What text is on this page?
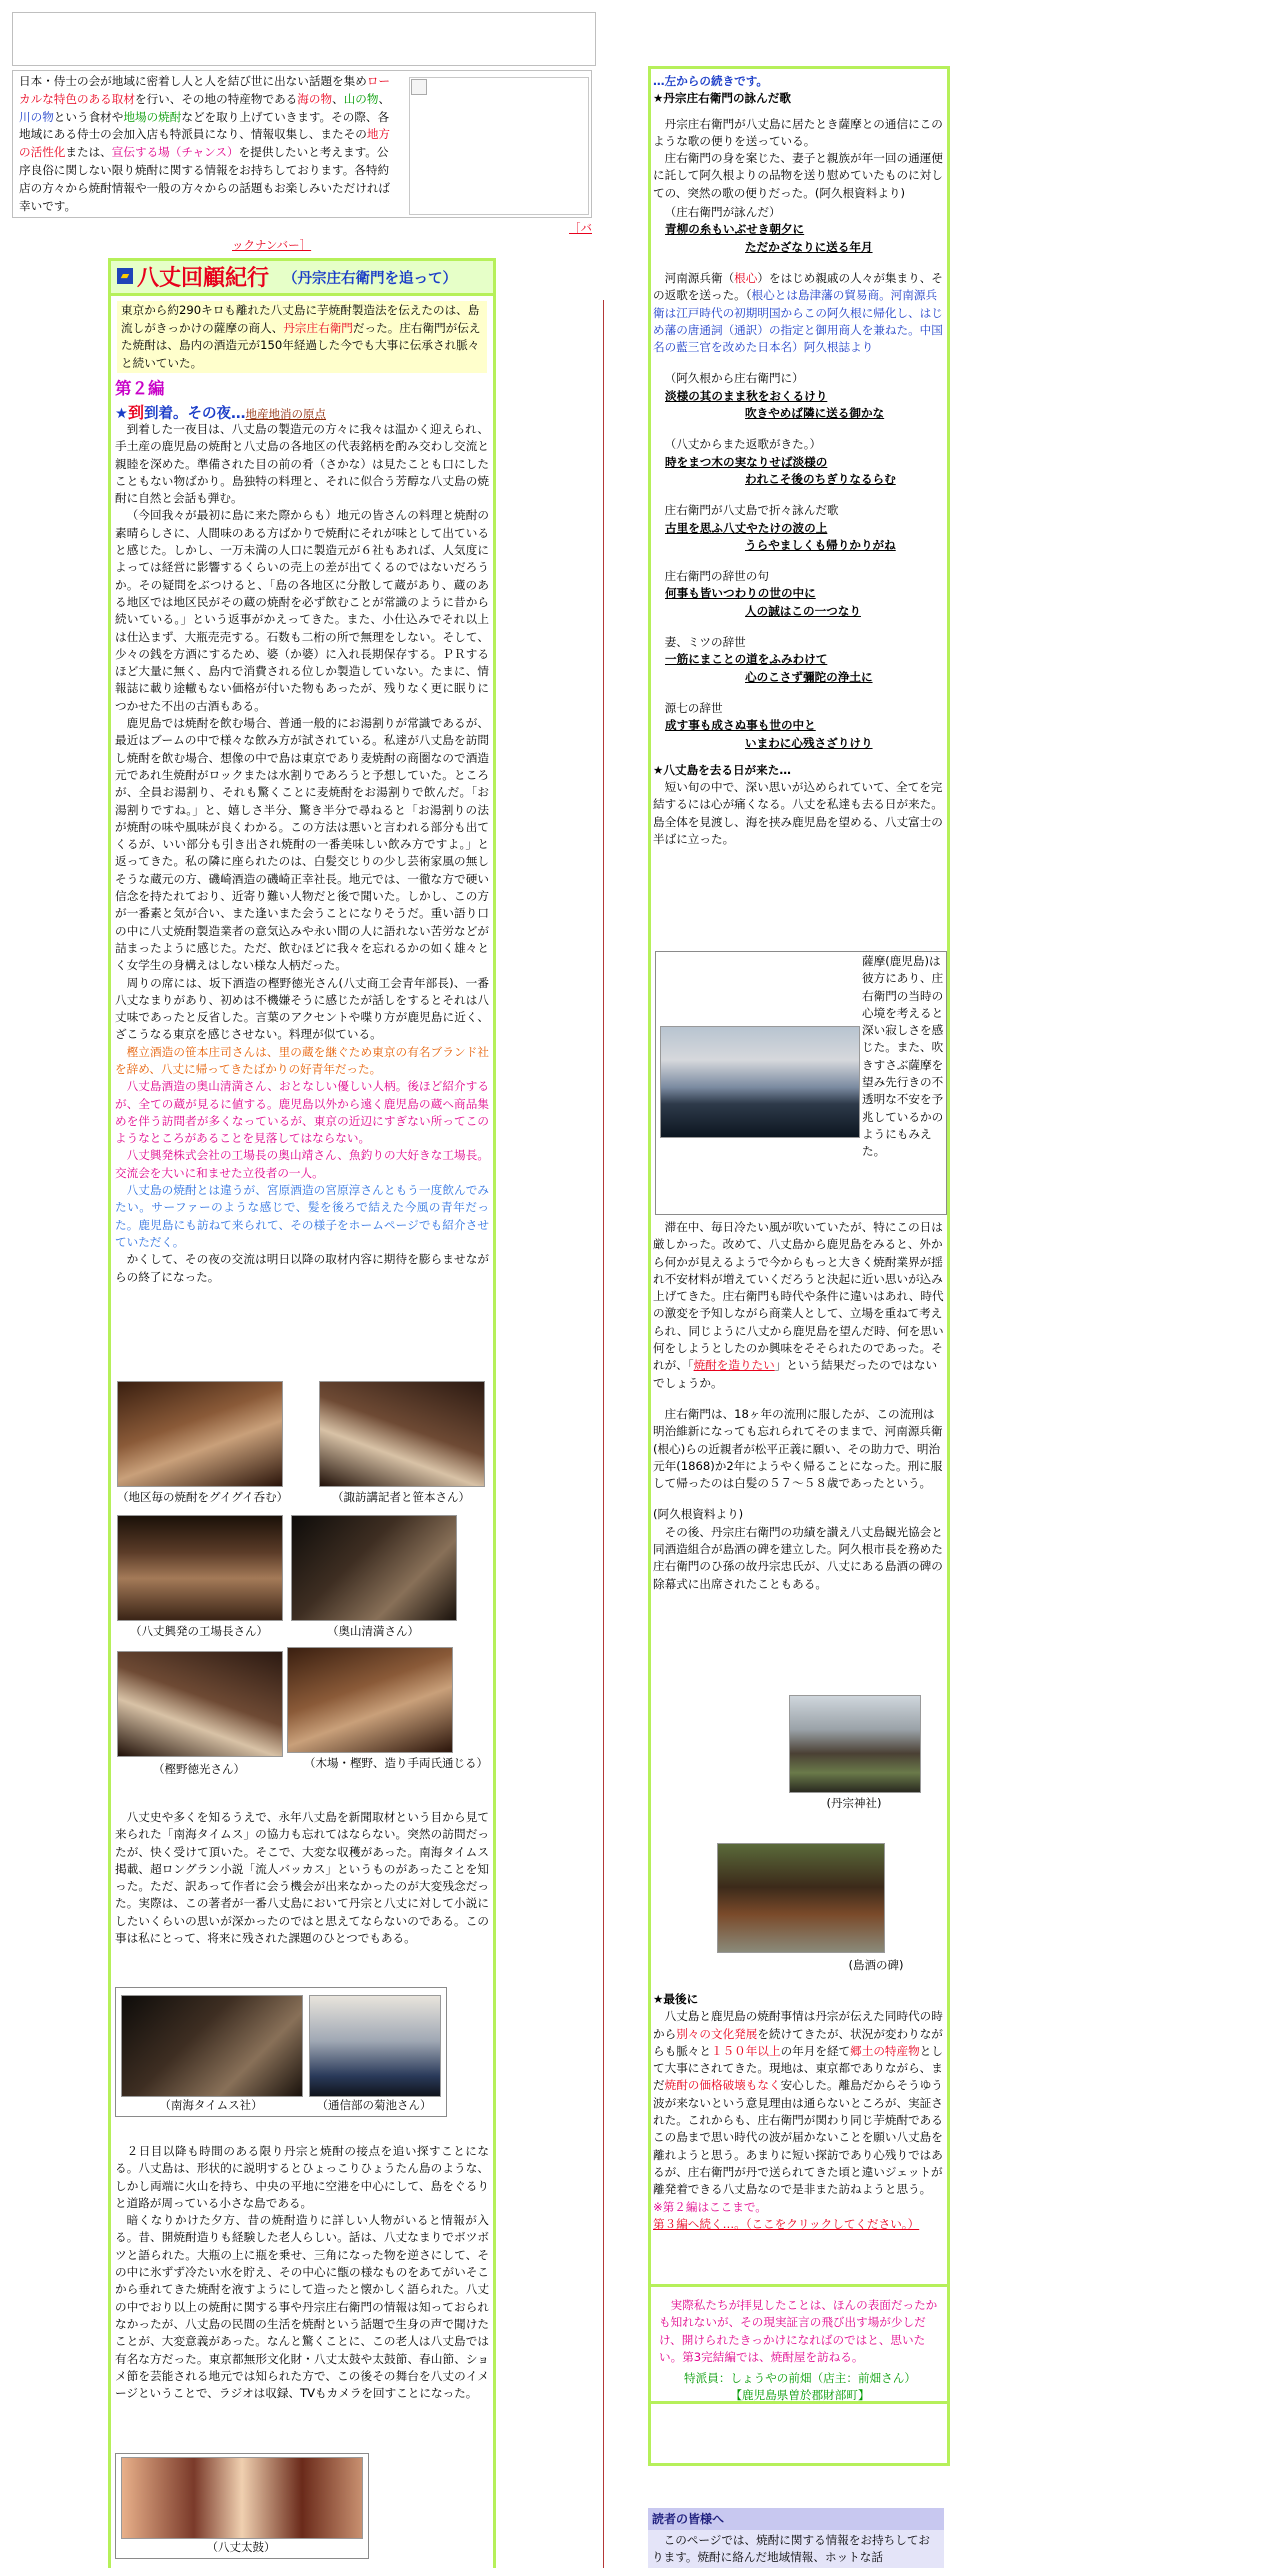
日本・侍士の会が地域に密着し人と人を結び世に出ない話題を集めローカルな特色のある取材を行い、その地の特産物である海の物、山の物、川の物という食材や地場の焼酎などを取り上げていきます。その際、各地域にある侍士の会加入店も特派員になり、情報収集し、またその地方の活性化または、宣伝する場（チャンス）を提供したいと考えます。公序良俗に関しない限り焼酎に関する情報をお持ちしております。各特約店の方々から焼酎情報や一般の方々からの話題もお楽しみいただければ幸いです。
［バ
ックナンバー］
▰ 八丈回顧紀行 （丹宗庄右衛門を追って）
東京から約290キロも離れた八丈島に芋焼酎製造法を伝えたのは、島流しがきっかけの薩摩の商人、丹宗庄右衛門だった。庄右衛門が伝えた焼酎は、島内の酒造元が150年経過した今でも大事に伝承され脈々と続いていた。
第２編
★到到着。その夜…地産地消の原点

到着した一夜目は、八丈島の製造元の方々に我々は温かく迎えられ、手土産の鹿児島の焼酎と八丈島の各地区の代表銘柄を酌み交わし交流と親睦を深めた。準備された目の前の肴（さかな）は見たことも口にしたこともない物ばかり。島独特の料理と、それに似合う芳醇な八丈島の焼酎に自然と会話も弾む。

（今回我々が最初に島に来た際からも）地元の皆さんの料理と焼酎の素晴らしさに、人間味のある方ばかりで焼酎にそれが味として出ていると感じた。しかし、一万未満の人口に製造元が６社もあれば、人気度によっては経営に影響するくらいの売上の差が出てくるのではないだろうか。その疑問をぶつけると、「島の各地区に分散して蔵があり、蔵のある地区では地区民がその蔵の焼酎を必ず飲むことが常識のように昔から続いている。」という返事がかえってきた。また、小仕込みでそれ以上は仕込まず、大瓶売売する。石数も二桁の所で無理をしない。そして、少々の銭を方酒にするため、婆（か婆）に入れ長期保存する。ＰＲするほど大量に無く、島内で消費される位しか製造していない。たまに、情報誌に載り途轍もない価格が付いた物もあったが、残りなく更に眠りにつかせた不出の古酒もある。

鹿児島では焼酎を飲む場合、普通一般的にお湯割りが常識であるが、最近はブームの中で様々な飲み方が試されている。私達が八丈島を訪問し焼酎を飲む場合、想像の中で島は東京であり麦焼酎の商圏なので酒造元であれ生焼酎がロックまたは水割りであろうと予想していた。ところが、全員お湯割り、それも驚くことに麦焼酎をお湯割りで飲んだ。「お湯割りですね。」と、嬉しさ半分、驚き半分で尋ねると「お湯割りの法が焼酎の味や風味が良くわかる。この方法は悪いと言われる部分も出てくるが、いい部分も引き出され焼酎の一番美味しい飲み方ですよ。」と返ってきた。私の隣に座られたのは、白髪交じりの少し芸術家風の無しそうな蔵元の方、磯崎酒造の磯崎正幸社長。地元では、一徹な方で硬い信念を持たれており、近寄り難い人物だと後で聞いた。しかし、この方が一番素と気が合い、また逢いまた会うことになりそうだ。重い語り口の中に八丈焼酎製造業者の意気込みや永い間の人に語れない苦労などが詰まったように感じた。ただ、飲むほどに我々を忘れるかの如く雄々とく女学生の身構えはしない様な人柄だった。

周りの席には、坂下酒造の樫野徳光さん(八丈商工会青年部長)、一番八丈なまりがあり、初めは不機嫌そうに感じたが話しをするとそれは八丈味であったと反省した。言葉のアクセントや喋り方が鹿児島に近く、ざこうなる東京を感じさせない。料理が似ている。

樫立酒造の笹本庄司さんは、里の蔵を継ぐため東京の有名ブランド社を辞め、八丈に帰ってきたばかりの好青年だった。

八丈島酒造の奥山清満さん、おとなしい優しい人柄。後ほど紹介するが、全ての蔵が見るに値する。鹿児島以外から遠く鹿児島の蔵へ商品集めを伴う訪問者が多くなっているが、東京の近辺にすぎない所ってこのようなところがあることを見落してはならない。

八丈興発株式会社の工場長の奥山靖さん、魚釣りの大好きな工場長。交流会を大いに和ませた立役者の一人。

八丈島の焼酎とは違うが、宮原酒造の宮原淳さんともう一度飲んでみたい。サーファーのような感じで、髪を後ろで結えた今風の青年だった。鹿児島にも訪ねて来られて、その様子をホームページでも紹介させていただく。

かくして、その夜の交流は明日以降の取材内容に期待を膨らませながらの終了になった。

（地区毎の焼酎をグイグイ呑む）	（諏訪講記者と笹本さん）
（八丈興発の工場長さん）	（奥山清満さん）
（樫野徳光さん）	（木場・樫野、造り手両氏通じる）

八丈史や多くを知るうえで、永年八丈島を新聞取材という目から見て来られた「南海タイムス」の協力も忘れてはならない。突然の訪問だったが、快く受けて頂いた。そこで、大変な収穫があった。南海タイムス掲載、超ロングラン小説「流人バッカス」というものがあったことを知った。ただ、訳あって作者に会う機会が出来なかったのが大変残念だった。実際は、この著者が一番八丈島において丹宗と八丈に対して小説にしたいくらいの思いが深かったのではと思えてならないのである。この事は私にとって、将来に残された課題のひとつでもある。

（南海タイムス社）	（通信部の菊池さん）

２日目以降も時間のある限り丹宗と焼酎の接点を追い探すことになる。八丈島は、形状的に説明するとひょっこりひょうたん島のような、しかし両端に火山を持ち、中央の平地に空港を中心にして、島をぐるりと道路が周っている小さな島である。

暗くなりかけた夕方、昔の焼酎造りに詳しい人物がいると情報が入る。昔、開焼酎造りも経験した老人らしい。話は、八丈なまりでボツボツと語られた。大瓶の上に瓶を乗せ、三角になった物を逆さにして、その中に氷ずず冷たい水を貯え、その中心に甑の様なものをあてがいそこから垂れてきた焼酎を液すようにして造ったと懐かしく語られた。八丈の中でおり以上の焼酎に関する事や丹宗庄右衛門の情報は知っておられなかったが、八丈島の民間の生活を焼酎という話題で生身の声で聞けたことが、大変意義があった。なんと驚くことに、この老人は八丈島では有名な方だった。東京都無形文化財・八丈太鼓や太鼓節、春山節、ショメ節を芸能される地元では知られた方で、この後その舞台を八丈のイメージということで、ラジオは収録、TVもカメラを回すことになった。

（八丈太鼓）

…左からの続きです。

★丹宗庄右衛門の詠んだ歌

丹宗庄右衛門が八丈島に居たとき薩摩との通信にこのような歌の便りを送っている。

庄右衛門の身を案じた、妻子と親族が年一回の通運便に託して阿久根よりの品物を送り慰めていたものに対しての、突然の歌の便りだった。(阿久根資料より)

（庄右衛門が詠んだ）

青柳の糸もいぶせき朝夕に

ただかざなりに送る年月

河南源兵衛（根心）をはじめ親戚の人々が集まり、その返歌を送った。（根心とは島津藩の貿易商。河南源兵衛は江戸時代の初期明国からこの阿久根に帰化し、はじめ藩の唐通詞（通訳）の指定と御用商人を兼ねた。中国名の藍三官を改めた日本名）阿久根誌より

（阿久根から庄右衛門に）

淡様の其のまま秋をおくるけり

吹きやめば隣に送る御かな

（八丈からまた返歌がきた。）

時をまつ木の実なりせば淡様の

われこそ後のちぎりなるらむ

庄右衛門が八丈島で折々詠んだ歌

古里を思ふ八丈やたけの波の上

うらやましくも帰りかりがね

庄右衛門の辞世の句

何事も皆いつわりの世の中に

人の誠はこの一つなり

妻、ミツの辞世

一筋にまことの道をふみわけて

心のこさず彌陀の浄土に

源七の辞世

成す事も成さぬ事も世の中と

いまわに心残さざりけり

★八丈島を去る日が来た…

短い旬の中で、深い思いが込められていて、全てを完結するには心が痛くなる。八丈を私達も去る日が来た。島全体を見渡し、海を挟み鹿児島を望める、八丈富士の半ばに立った。

薩摩(鹿児島)は彼方にあり、庄右衛門の当時の心境を考えると深い寂しさを感じた。また、吹きすさぶ薩摩を望み先行きの不透明な不安を予兆しているかのようにもみえた。

滞在中、毎日冷たい風が吹いていたが、特にこの日は厳しかった。改めて、八丈島から鹿児島をみると、外から何かが見えるようで今からもっと大きく焼酎業界が揺れ不安材料が増えていくだろうと決起に近い思いが込み上げてきた。庄右衛門も時代や条件に違いはあれ、時代の激変を予知しながら商業人として、立場を重ねて考えられ、同じように八丈から鹿児島を望んだ時、何を思い何をしようとしたのか興味をそそられたのであった。それが、「焼酎を造りたい」という結果だったのではないでしょうか。

庄右衛門は、18ヶ年の流刑に服したが、この流刑は明治維新になっても忘れられてそのままで、河南源兵衛(根心)らの近親者が松平正義に願い、その助力で、明治元年(1868)か2年にようやく帰ることになった。刑に服して帰ったのは白髪の５７～５８歳であったという。

(阿久根資料より)

その後、丹宗庄右衛門の功績を讃え八丈島観光協会と同酒造組合が島酒の碑を建立した。阿久根市長を務めた庄右衛門のひ孫の故丹宗忠氏が、八丈にある島酒の碑の除幕式に出席されたこともある。

(丹宗神社)
(島酒の碑)

★最後に

八丈島と鹿児島の焼酎事情は丹宗が伝えた同時代の時から別々の文化発展を続けてきたが、状況が変わりながらも脈々と１５０年以上の年月を経て郷土の特産物として大事にされてきた。現地は、東京都でありながら、まだ焼酎の価格破壊もなく安心した。離島だからそうゆう波が来ないという意見理由は通らないところが、実証された。これからも、庄右衛門が関わり同じ芋焼酎であるこの島まで思い時代の波が届かないことを願い八丈島を離れようと思う。あまりに短い探訪であり心残りではあるが、庄右衛門が丹で送られてきた頃と違いジェットが離発着できる八丈島なので是非また訪ねようと思う。

※第２編はここまで。

第３編へ続く…。（ここをクリックしてください。）

実際私たちが拝見したことは、ほんの表面だったかも知れないが、その現実証言の飛び出す場が少しだけ、開けられたきっかけになればのではと、思いたい。第3完結編では、焼酎屋を訪ねる。

特派員：しょうやの前畑（店主：前畑さん）

【鹿児島県曽於郡財部町】

読者の皆様へ
このページでは、焼酎に関する情報をお持ちしております。焼酎に絡んだ地域情報、ホットな話
